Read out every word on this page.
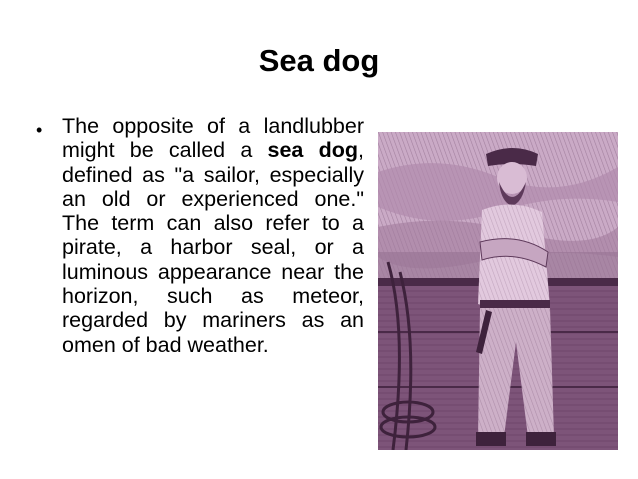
Sea dog
• The opposite of a landlubber might be called a sea dog, defined as "a sailor, especially an old or experienced one." The term can also refer to a pirate, a harbor seal, or a luminous appearance near the horizon, such as meteor, regarded by mariners as an omen of bad weather.
